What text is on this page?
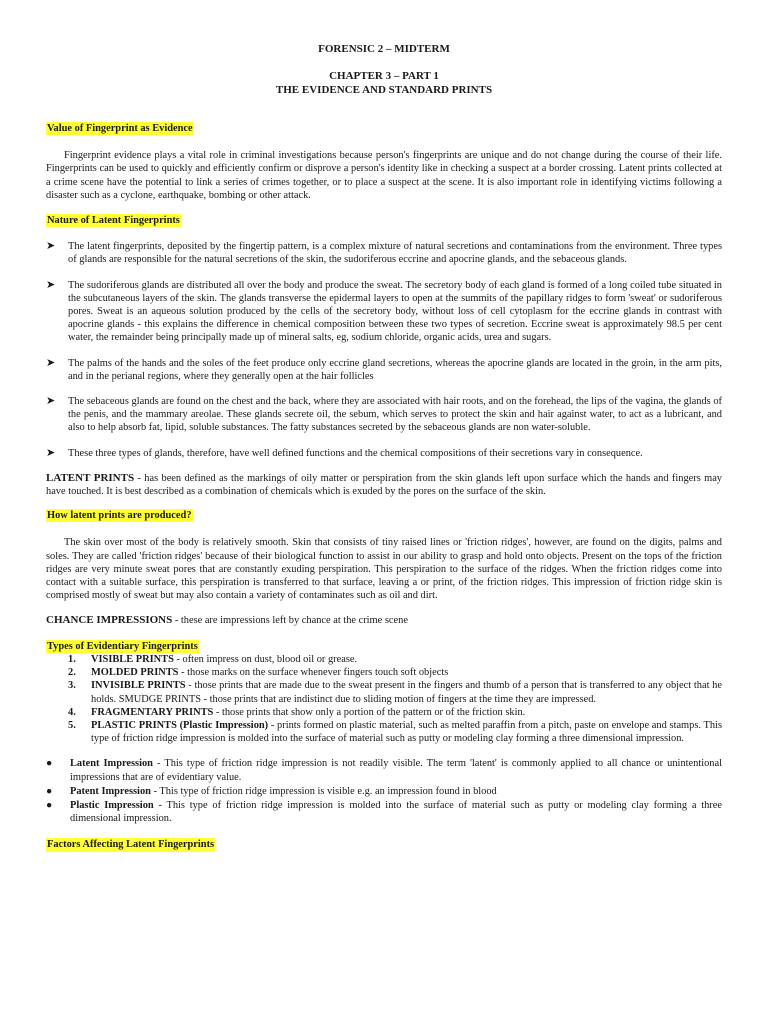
FORENSIC 2 – MIDTERM
CHAPTER 3 – PART 1
THE EVIDENCE AND STANDARD PRINTS
Value of Fingerprint as Evidence

Fingerprint evidence plays a vital role in criminal investigations because person's fingerprints are unique and do not change during the course of their life. Fingerprints can be used to quickly and efficiently confirm or disprove a person's identity like in checking a suspect at a border crossing. Latent prints collected at a crime scene have the potential to link a series of crimes together, or to place a suspect at the scene. It is also important role in identifying victims following a disaster such as a cyclone, earthquake, bombing or other attack.

Nature of Latent Fingerprints
➤ The latent fingerprints, deposited by the fingertip pattern, is a complex mixture of natural secretions and contaminations from the environment. Three types of glands are responsible for the natural secretions of the skin, the sudoriferous eccrine and apocrine glands, and the sebaceous glands.
➤ The sudoriferous glands are distributed all over the body and produce the sweat. The secretory body of each gland is formed of a long coiled tube situated in the subcutaneous layers of the skin. The glands transverse the epidermal layers to open at the summits of the papillary ridges to form 'sweat' or sudoriferous pores. Sweat is an aqueous solution produced by the cells of the secretory body, without loss of cell cytoplasm for the eccrine glands in contrast with apocrine glands - this explains the difference in chemical composition between these two types of secretion. Eccrine sweat is approximately 98.5 per cent water, the remainder being principally made up of mineral salts, eg, sodium chloride, organic acids, urea and sugars.
➤ The palms of the hands and the soles of the feet produce only eccrine gland secretions, whereas the apocrine glands are located in the groin, in the arm pits, and in the perianal regions, where they generally open at the hair follicles
➤ The sebaceous glands are found on the chest and the back, where they are associated with hair roots, and on the forehead, the lips of the vagina, the glands of the penis, and the mammary areolae. These glands secrete oil, the sebum, which serves to protect the skin and hair against water, to act as a lubricant, and also to help absorb fat, lipid, soluble substances. The fatty substances secreted by the sebaceous glands are non water-soluble.
➤ These three types of glands, therefore, have well defined functions and the chemical compositions of their secretions vary in consequence.

LATENT PRINTS - has been defined as the markings of oily matter or perspiration from the skin glands left upon surface which the hands and fingers may have touched. It is best described as a combination of chemicals which is exuded by the pores on the surface of the skin.

How latent prints are produced?

The skin over most of the body is relatively smooth. Skin that consists of tiny raised lines or 'friction ridges', however, are found on the digits, palms and soles. They are called 'friction ridges' because of their biological function to assist in our ability to grasp and hold onto objects. Present on the tops of the friction ridges are very minute sweat pores that are constantly exuding perspiration. This perspiration to the surface of the ridges. When the friction ridges come into contact with a suitable surface, this perspiration is transferred to that surface, leaving a or print, of the friction ridges. This impression of friction ridge skin is comprised mostly of sweat but may also contain a variety of contaminates such as oil and dirt.

CHANCE IMPRESSIONS - these are impressions left by chance at the crime scene

Types of Evidentiary Fingerprints
1. VISIBLE PRINTS - often impress on dust, blood oil or grease.
2. MOLDED PRINTS - those marks on the surface whenever fingers touch soft objects
3. INVISIBLE PRINTS - those prints that are made due to the sweat present in the fingers and thumb of a person that is transferred to any object that he holds. SMUDGE PRINTS - those prints that are indistinct due to sliding motion of fingers at the time they are impressed.
4. FRAGMENTARY PRINTS - those prints that show only a portion of the pattern or of the friction skin.
5. PLASTIC PRINTS (Plastic Impression) - prints formed on plastic material, such as melted paraffin from a pitch, paste on envelope and stamps. This type of friction ridge impression is molded into the surface of material such as putty or modeling clay forming a three dimensional impression.
● Latent Impression - This type of friction ridge impression is not readily visible. The term 'latent' is commonly applied to all chance or unintentional impressions that are of evidentiary value.
● Patent Impression - This type of friction ridge impression is visible e.g. an impression found in blood
● Plastic Impression - This type of friction ridge impression is molded into the surface of material such as putty or modeling clay forming a three dimensional impression.
Factors Affecting Latent Fingerprints
